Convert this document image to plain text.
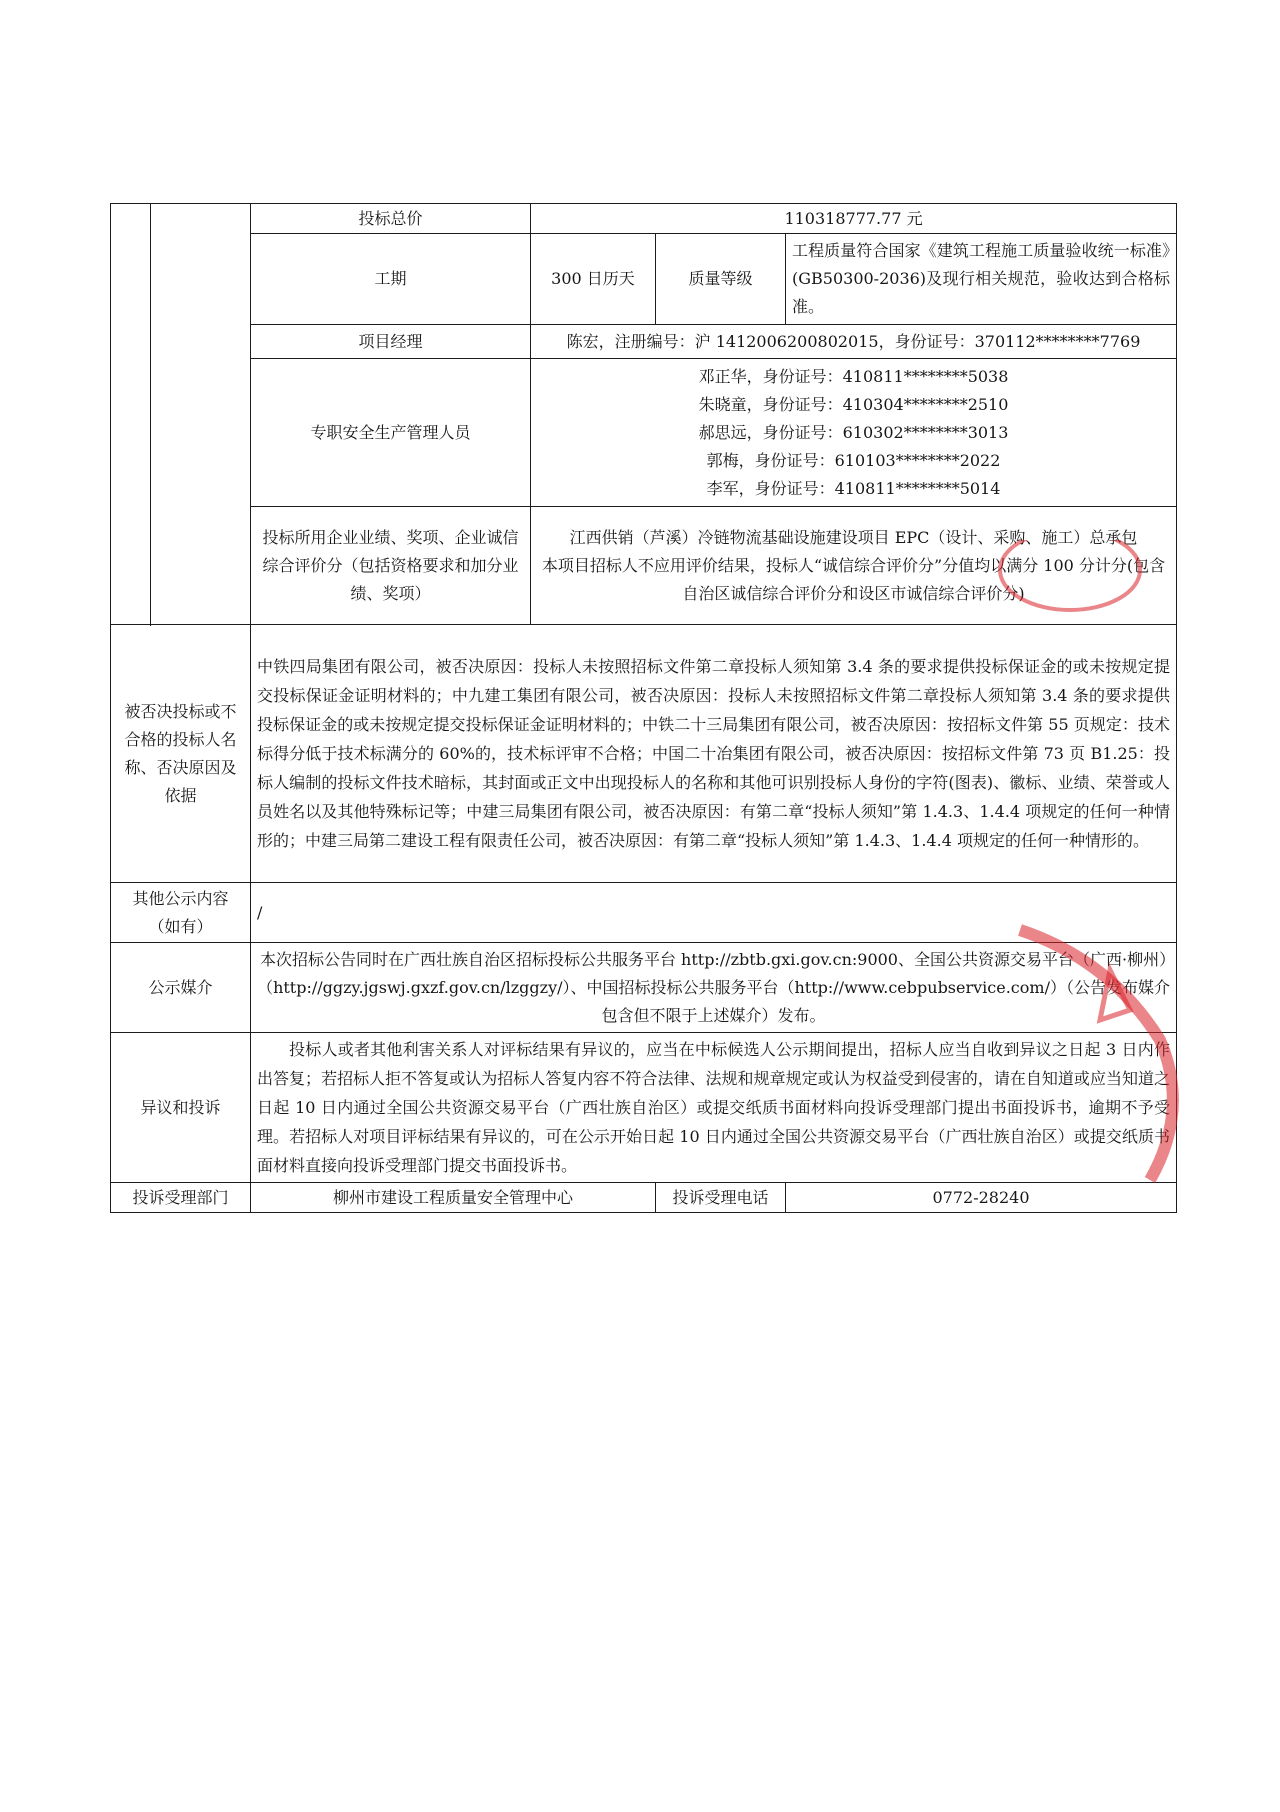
		投标总价	110318777.77 元		
		工期	300 日历天	质量等级	工程质量符合国家《建筑工程施工质量验收统一标准》(GB50300-2036)及现行相关规范，验收达到合格标准。
		项目经理	陈宏，注册编号：沪 1412006200802015，身份证号：370112********7769		
		专职安全生产管理人员	邓正华，身份证号：410811********5038
朱晓童，身份证号：410304********2510
郝思远，身份证号：610302********3013
郭梅，身份证号：610103********2022
李军，身份证号：410811********5014		

		投标所用企业业绩、奖项、企业诚信综合评价分（包括资格要求和加分业绩、奖项）	江西供销（芦溪）冷链物流基础设施建设项目 EPC（设计、采购、施工）总承包
本项目招标人不应用评价结果，投标人“诚信综合评价分”分值均以满分 100 分计分(包含自治区诚信综合评价分和设区市诚信综合评价分)		

被否决投标或不合格的投标人名称、否决原因及依据		中铁四局集团有限公司，被否决原因：投标人未按照招标文件第二章投标人须知第 3.4 条的要求提供投标保证金的或未按规定提交投标保证金证明材料的；中九建工集团有限公司，被否决原因：投标人未按照招标文件第二章投标人须知第 3.4 条的要求提供投标保证金的或未按规定提交投标保证金证明材料的；中铁二十三局集团有限公司，被否决原因：按招标文件第 55 页规定：技术标得分低于技术标满分的 60%的，技术标评审不合格；中国二十冶集团有限公司，被否决原因：按招标文件第 73 页 B1.25：投标人编制的投标文件技术暗标，其封面或正文中出现投标人的名称和其他可识别投标人身份的字符(图表)、徽标、业绩、荣誉或人员姓名以及其他特殊标记等；中建三局集团有限公司，被否决原因：有第二章“投标人须知”第 1.4.3、1.4.4 项规定的任何一种情形的；中建三局第二建设工程有限责任公司，被否决原因：有第二章“投标人须知”第 1.4.3、1.4.4 项规定的任何一种情形的。			
其他公示内容（如有）		/			
公示媒介		本次招标公告同时在广西壮族自治区招标投标公共服务平台 http://zbtb.gxi.gov.cn:9000、全国公共资源交易平台（广西·柳州）（http://ggzy.jgswj.gxzf.gov.cn/lzggzy/）、中国招标投标公共服务平台（http://www.cebpubservice.com/）（公告发布媒介包含但不限于上述媒介）发布。			
异议和投诉		投标人或者其他利害关系人对评标结果有异议的，应当在中标候选人公示期间提出，招标人应当自收到异议之日起 3 日内作出答复；若招标人拒不答复或认为招标人答复内容不符合法律、法规和规章规定或认为权益受到侵害的，请在自知道或应当知道之日起 10 日内通过全国公共资源交易平台（广西壮族自治区）或提交纸质书面材料向投诉受理部门提出书面投诉书，逾期不予受理。若招标人对项目评标结果有异议的，可在公示开始日起 10 日内通过全国公共资源交易平台（广西壮族自治区）或提交纸质书面材料直接向投诉受理部门提交书面投诉书。			
投诉受理部门		柳州市建设工程质量安全管理中心		投诉受理电话	0772-28240
